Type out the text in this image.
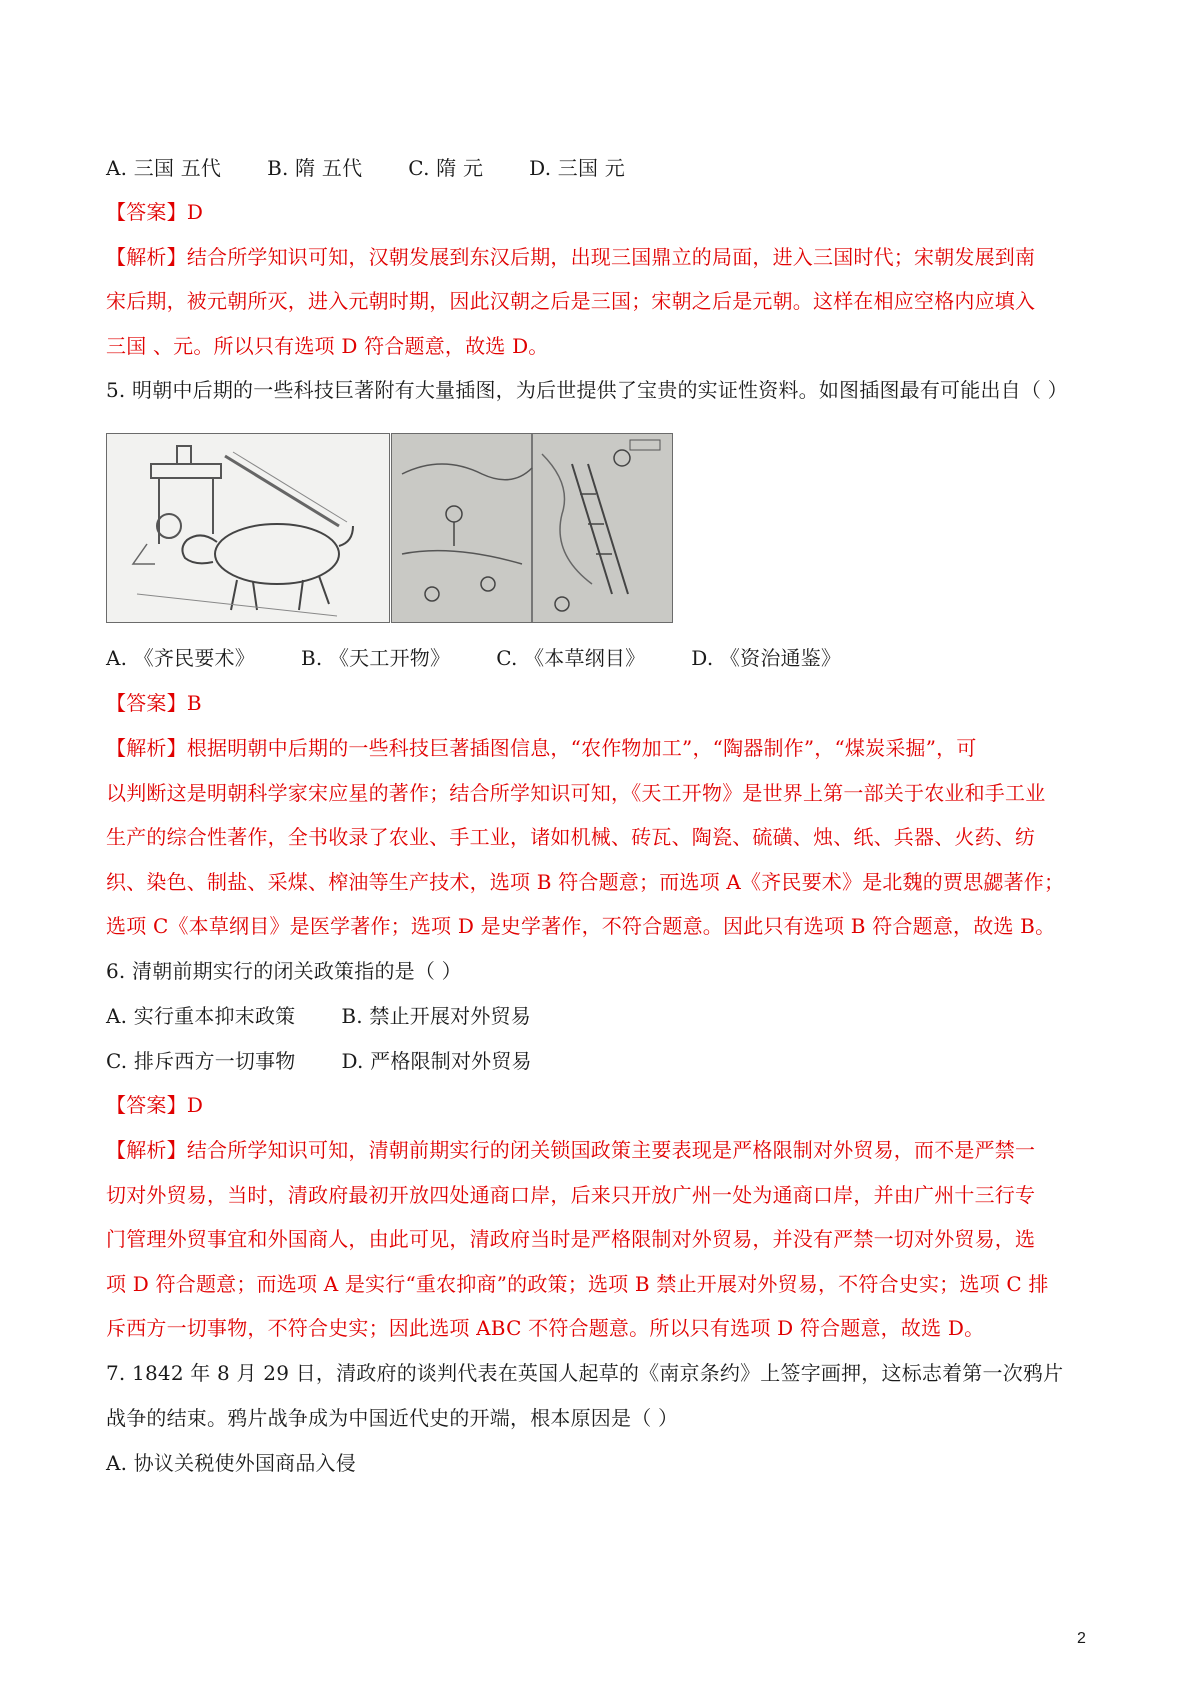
A. 三国 五代 B. 隋 五代 C. 隋 元 D. 三国 元
【答案】D
【解析】结合所学知识可知，汉朝发展到东汉后期，出现三国鼎立的局面，进入三国时代；宋朝发展到南
宋后期，被元朝所灭，进入元朝时期，因此汉朝之后是三国；宋朝之后是元朝。这样在相应空格内应填入
三国 、元。所以只有选项 D 符合题意，故选 D。
5. 明朝中后期的一些科技巨著附有大量插图，为后世提供了宝贵的实证性资料。如图插图最有可能出自（ ）
A. 《齐民要术》 B. 《天工开物》 C. 《本草纲目》 D. 《资治通鉴》
【答案】B
【解析】根据明朝中后期的一些科技巨著插图信息，“农作物加工”，“陶器制作”，“煤炭采掘”，可
以判断这是明朝科学家宋应星的著作；结合所学知识可知，《天工开物》是世界上第一部关于农业和手工业
生产的综合性著作，全书收录了农业、手工业，诸如机械、砖瓦、陶瓷、硫磺、烛、纸、兵器、火药、纺
织、染色、制盐、采煤、榨油等生产技术，选项 B 符合题意；而选项 A《齐民要术》是北魏的贾思勰著作；
选项 C《本草纲目》是医学著作；选项 D 是史学著作，不符合题意。因此只有选项 B 符合题意，故选 B。
6. 清朝前期实行的闭关政策指的是（ ）
A. 实行重本抑末政策 B. 禁止开展对外贸易
C. 排斥西方一切事物 D. 严格限制对外贸易
【答案】D
【解析】结合所学知识可知，清朝前期实行的闭关锁国政策主要表现是严格限制对外贸易，而不是严禁一
切对外贸易，当时，清政府最初开放四处通商口岸，后来只开放广州一处为通商口岸，并由广州十三行专
门管理外贸事宜和外国商人，由此可见，清政府当时是严格限制对外贸易，并没有严禁一切对外贸易，选
项 D 符合题意；而选项 A 是实行“重农抑商”的政策；选项 B 禁止开展对外贸易，不符合史实；选项 C 排
斥西方一切事物，不符合史实；因此选项 ABC 不符合题意。所以只有选项 D 符合题意，故选 D。
7. 1842 年 8 月 29 日，清政府的谈判代表在英国人起草的《南京条约》上签字画押，这标志着第一次鸦片
战争的结束。鸦片战争成为中国近代史的开端，根本原因是（ ）
A. 协议关税使外国商品入侵
2
